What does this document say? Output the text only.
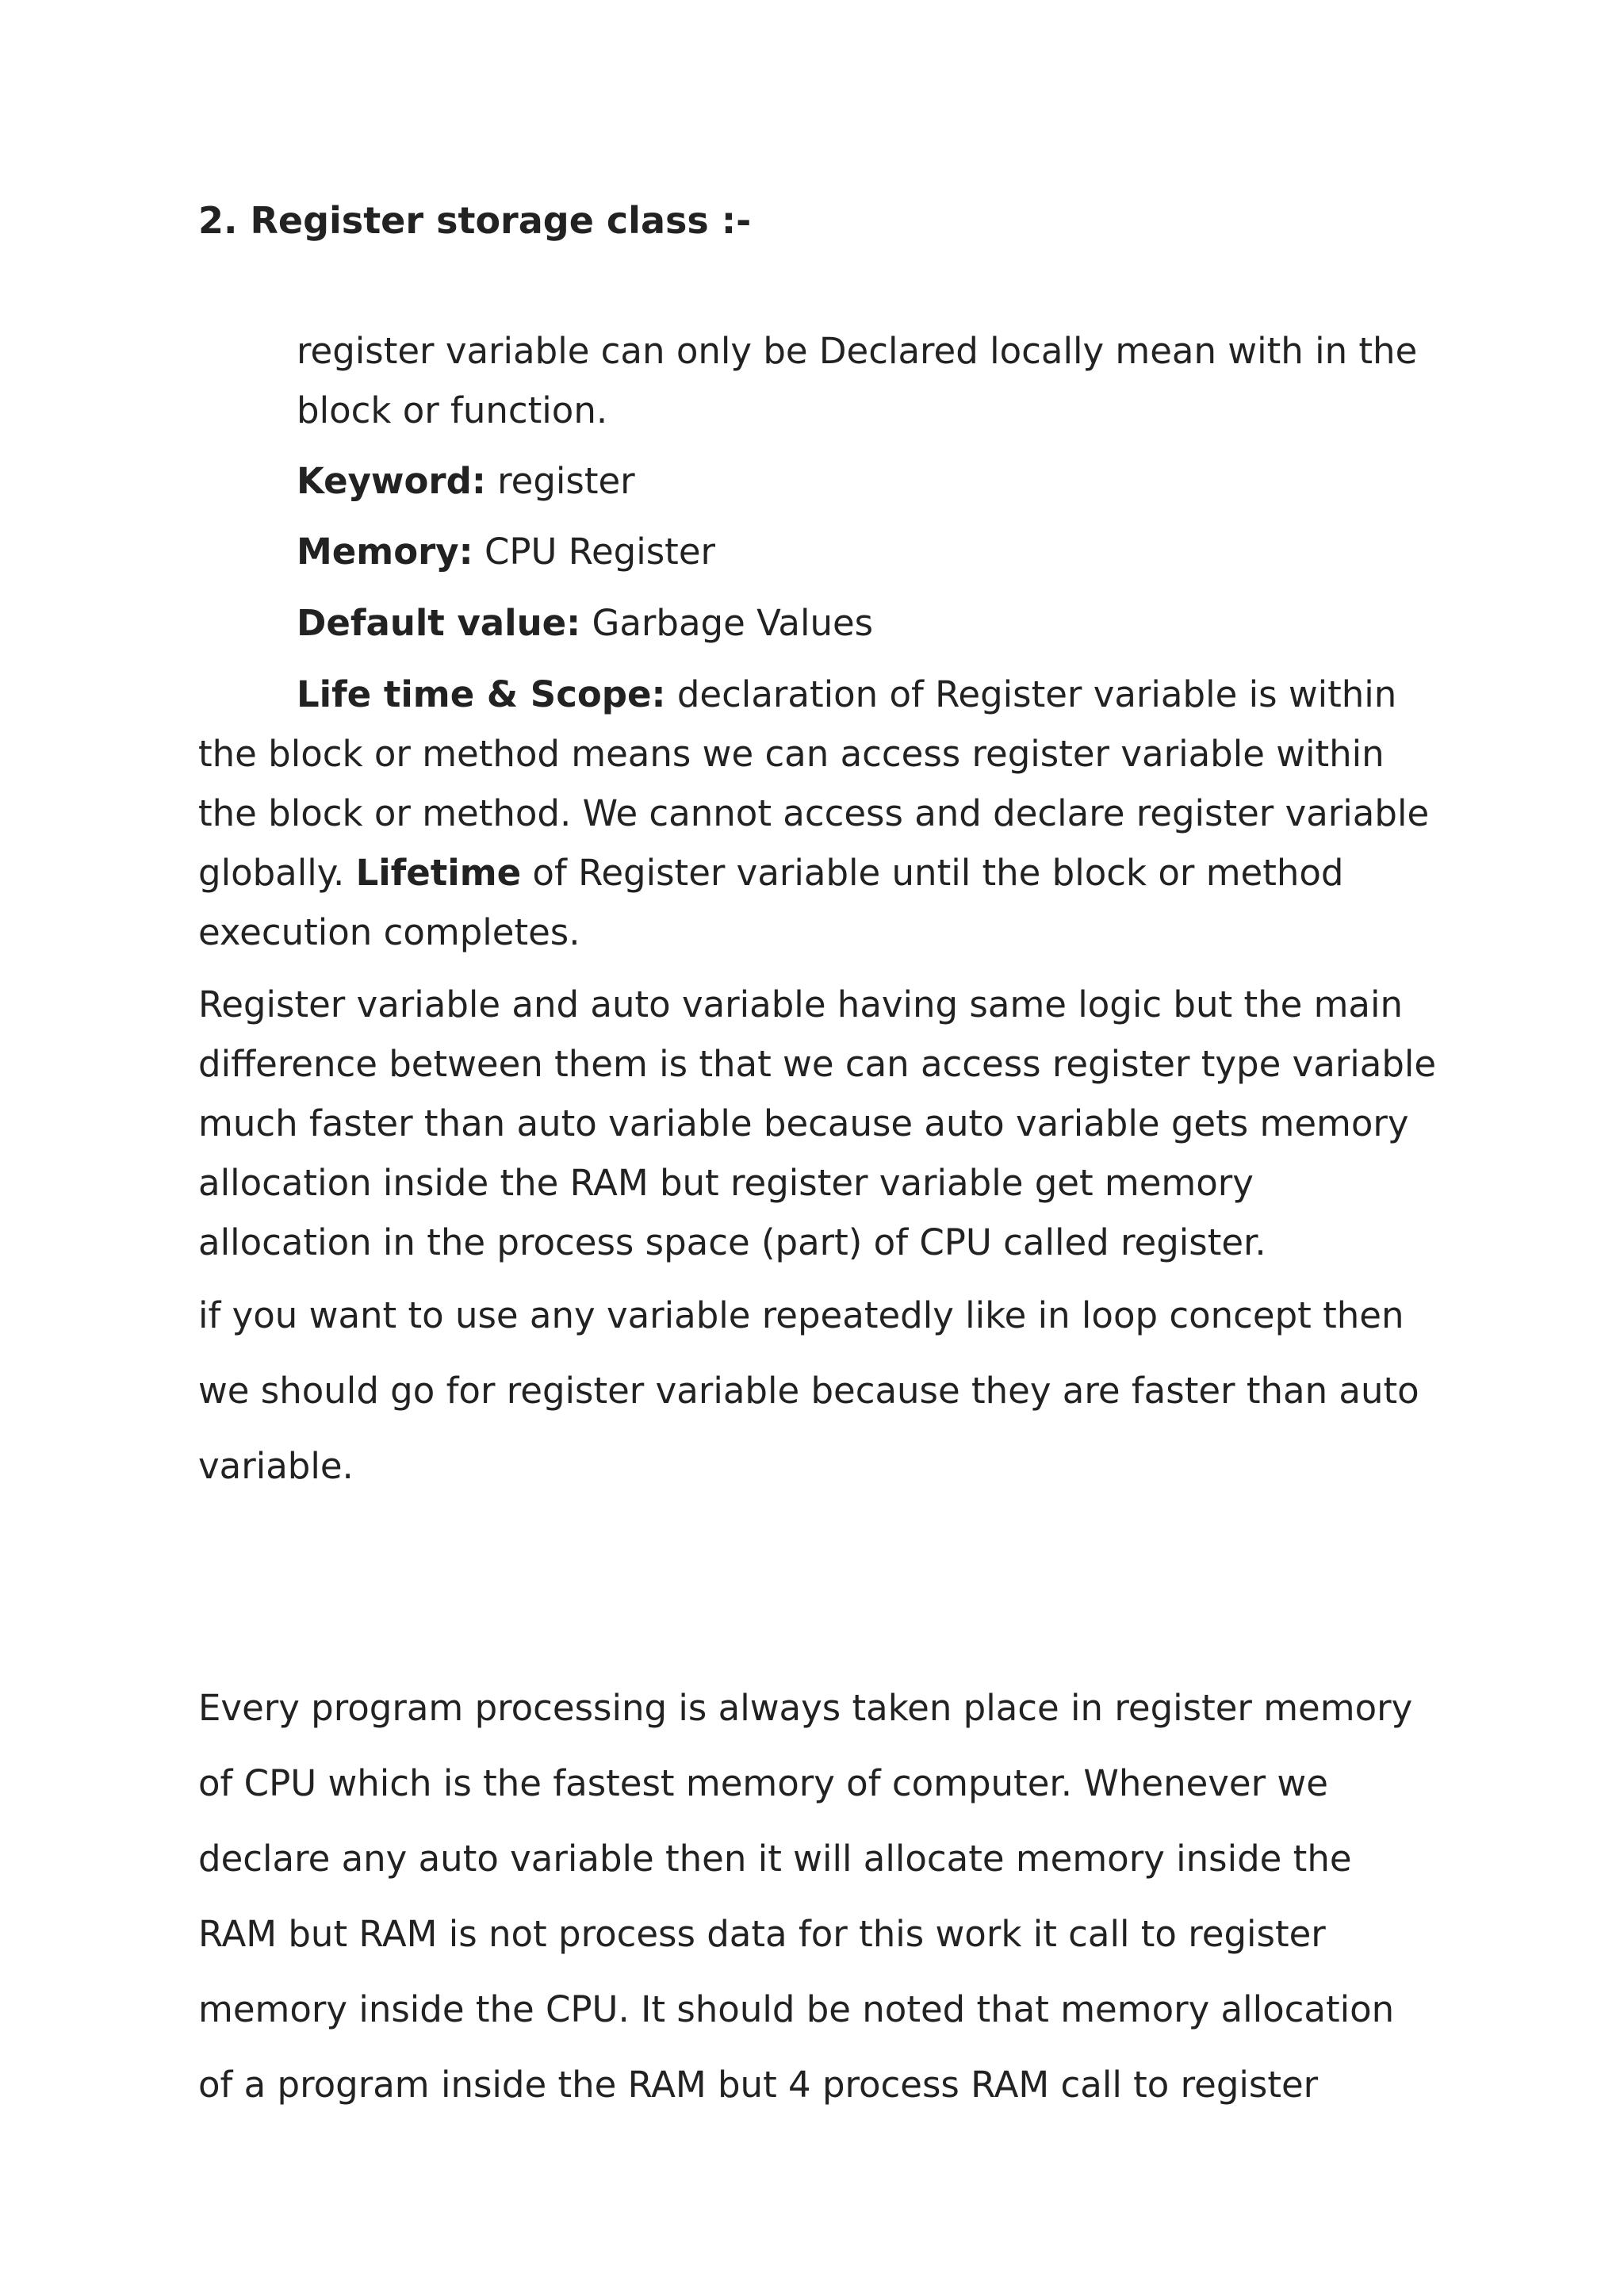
2. Register storage class :-
register variable can only be Declared locally mean with in the
block or function.
Keyword: register
Memory: CPU Register
Default value: Garbage Values
Life time & Scope: declaration of Register variable is within
the block or method means we can access register variable within
the block or method. We cannot access and declare register variable
globally. Lifetime of Register variable until the block or method
execution completes.
Register variable and auto variable having same logic but the main
difference between them is that we can access register type variable
much faster than auto variable because auto variable gets memory
allocation inside the RAM but register variable get memory
allocation in the process space (part) of CPU called register.
if you want to use any variable repeatedly like in loop concept then
we should go for register variable because they are faster than auto
variable.
Every program processing is always taken place in register memory
of CPU which is the fastest memory of computer. Whenever we
declare any auto variable then it will allocate memory inside the
RAM but RAM is not process data for this work it call to register
memory inside the CPU. It should be noted that memory allocation
of a program inside the RAM but 4 process RAM call to register
